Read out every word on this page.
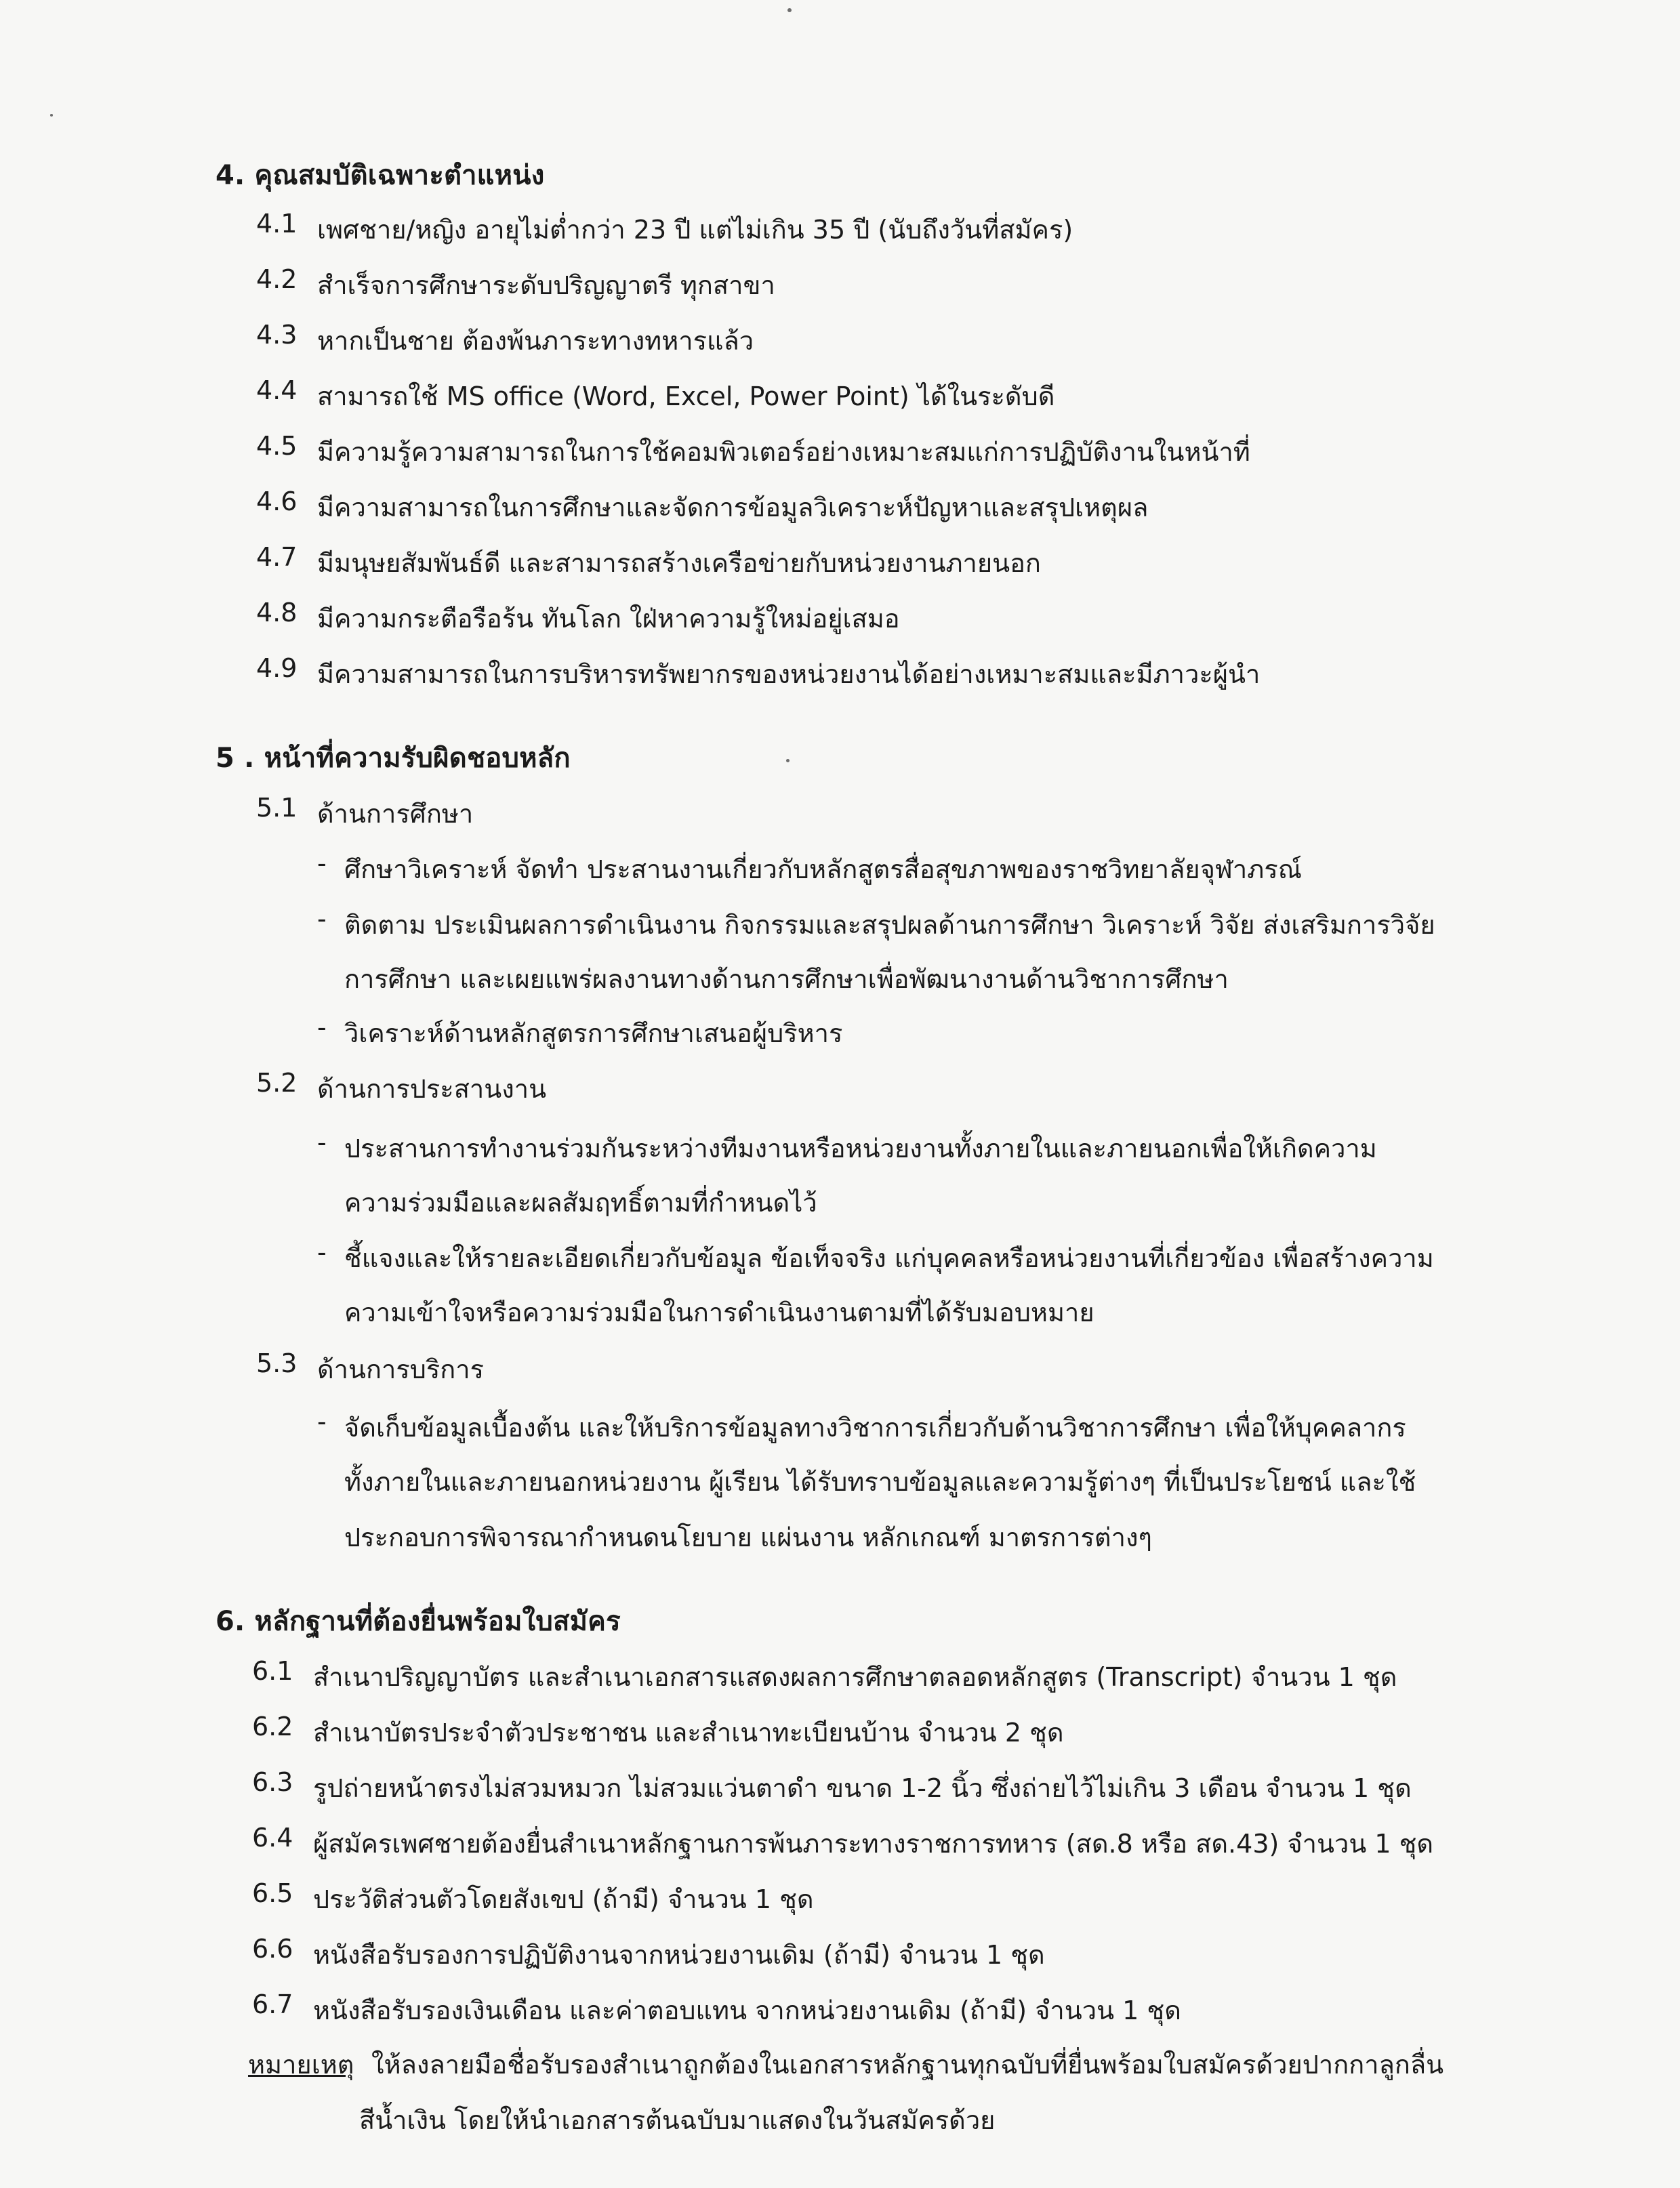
4. คุณสมบัติเฉพาะตำแหน่ง
4.1 เพศชาย/หญิง อายุไม่ต่ำกว่า 23 ปี แต่ไม่เกิน 35 ปี (นับถึงวันที่สมัคร)
4.2 สำเร็จการศึกษาระดับปริญญาตรี ทุกสาขา
4.3 หากเป็นชาย ต้องพ้นภาระทางทหารแล้ว
4.4 สามารถใช้ MS office (Word, Excel, Power Point) ได้ในระดับดี
4.5 มีความรู้ความสามารถในการใช้คอมพิวเตอร์อย่างเหมาะสมแก่การปฏิบัติงานในหน้าที่
4.6 มีความสามารถในการศึกษาและจัดการข้อมูลวิเคราะห์ปัญหาและสรุปเหตุผล
4.7 มีมนุษยสัมพันธ์ดี และสามารถสร้างเครือข่ายกับหน่วยงานภายนอก
4.8 มีความกระตือรือร้น ทันโลก ใฝ่หาความรู้ใหม่อยู่เสมอ
4.9 มีความสามารถในการบริหารทรัพยากรของหน่วยงานได้อย่างเหมาะสมและมีภาวะผู้นำ
5 . หน้าที่ความรับผิดชอบหลัก
5.1 ด้านการศึกษา
- ศึกษาวิเคราะห์ จัดทำ ประสานงานเกี่ยวกับหลักสูตรสื่อสุขภาพของราชวิทยาลัยจุฬาภรณ์
- ติดตาม ประเมินผลการดำเนินงาน กิจกรรมและสรุปผลด้านการศึกษา วิเคราะห์ วิจัย ส่งเสริมการวิจัย
การศึกษา และเผยแพร่ผลงานทางด้านการศึกษาเพื่อพัฒนางานด้านวิชาการศึกษา
- วิเคราะห์ด้านหลักสูตรการศึกษาเสนอผู้บริหาร
5.2 ด้านการประสานงาน
- ประสานการทำงานร่วมกันระหว่างทีมงานหรือหน่วยงานทั้งภายในและภายนอกเพื่อให้เกิดความ
ความร่วมมือและผลสัมฤทธิ์ตามที่กำหนดไว้
- ชี้แจงและให้รายละเอียดเกี่ยวกับข้อมูล ข้อเท็จจริง แก่บุคคลหรือหน่วยงานที่เกี่ยวข้อง เพื่อสร้างความ
ความเข้าใจหรือความร่วมมือในการดำเนินงานตามที่ได้รับมอบหมาย
5.3 ด้านการบริการ
- จัดเก็บข้อมูลเบื้องต้น และให้บริการข้อมูลทางวิชาการเกี่ยวกับด้านวิชาการศึกษา เพื่อให้บุคคลากร
ทั้งภายในและภายนอกหน่วยงาน ผู้เรียน ได้รับทราบข้อมูลและความรู้ต่างๆ ที่เป็นประโยชน์ และใช้
ประกอบการพิจารณากำหนดนโยบาย แผ่นงาน หลักเกณฑ์ มาตรการต่างๆ
6. หลักฐานที่ต้องยื่นพร้อมใบสมัคร
6.1 สำเนาปริญญาบัตร และสำเนาเอกสารแสดงผลการศึกษาตลอดหลักสูตร (Transcript) จำนวน 1 ชุด
6.2 สำเนาบัตรประจำตัวประชาชน และสำเนาทะเบียนบ้าน จำนวน 2 ชุด
6.3 รูปถ่ายหน้าตรงไม่สวมหมวก ไม่สวมแว่นตาดำ ขนาด 1-2 นิ้ว ซึ่งถ่ายไว้ไม่เกิน 3 เดือน จำนวน 1 ชุด
6.4 ผู้สมัครเพศชายต้องยื่นสำเนาหลักฐานการพ้นภาระทางราชการทหาร (สด.8 หรือ สด.43) จำนวน 1 ชุด
6.5 ประวัติส่วนตัวโดยสังเขป (ถ้ามี) จำนวน 1 ชุด
6.6 หนังสือรับรองการปฏิบัติงานจากหน่วยงานเดิม (ถ้ามี) จำนวน 1 ชุด
6.7 หนังสือรับรองเงินเดือน และค่าตอบแทน จากหน่วยงานเดิม (ถ้ามี) จำนวน 1 ชุด
หมายเหตุ ให้ลงลายมือชื่อรับรองสำเนาถูกต้องในเอกสารหลักฐานทุกฉบับที่ยื่นพร้อมใบสมัครด้วยปากกาลูกลื่น
สีน้ำเงิน โดยให้นำเอกสารต้นฉบับมาแสดงในวันสมัครด้วย
